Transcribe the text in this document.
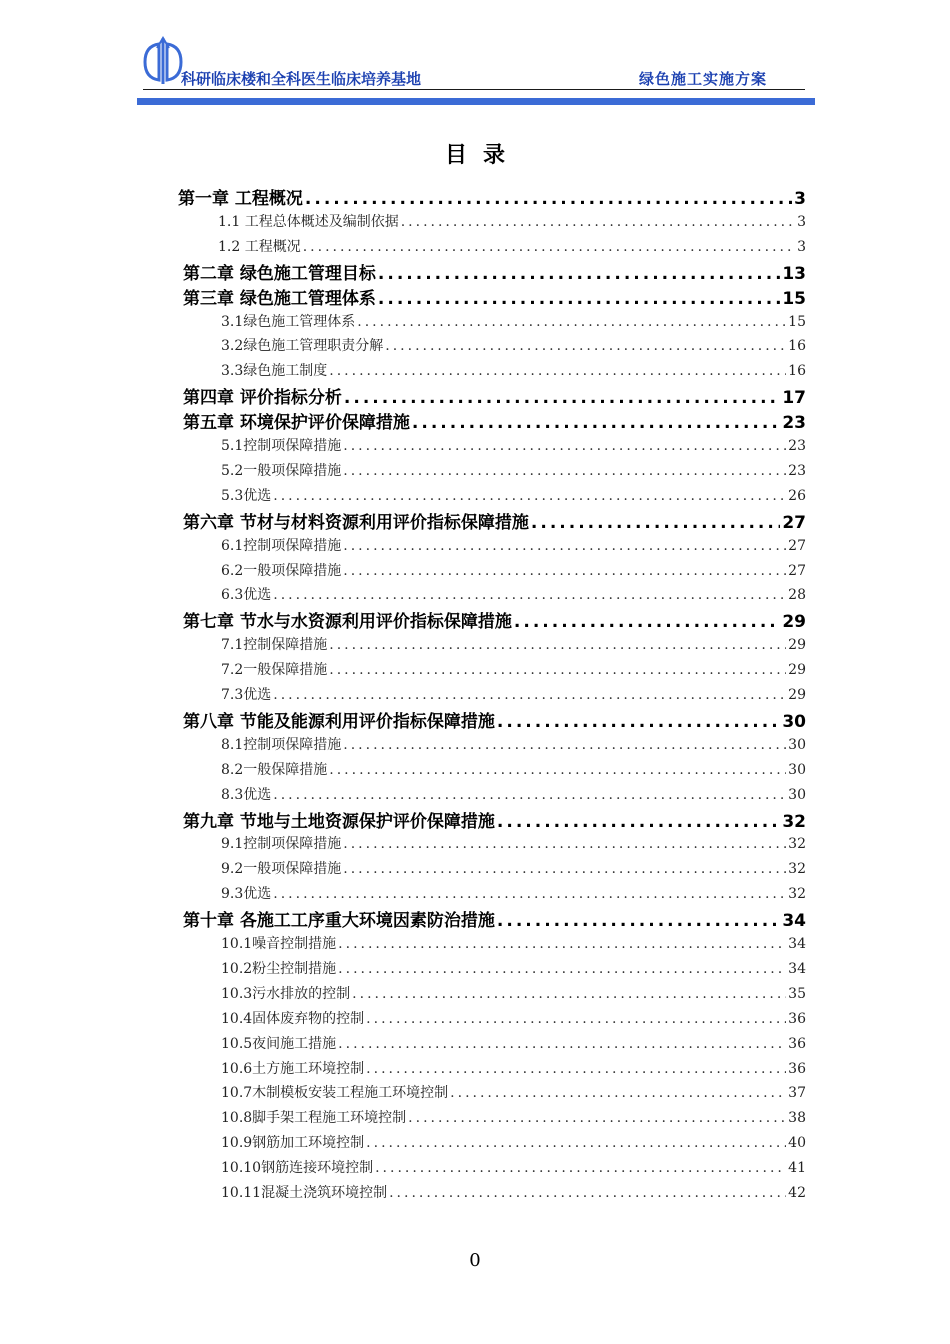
科研临床楼和全科医生临床培养基地	绿色施工实施方案
目录
第一章 工程概况 .....	3
1.1 工程总体概述及编制依据 .....	3
1.2 工程概况 .....	3
第二章 绿色施工管理目标 .....	13
第三章 绿色施工管理体系 .....	15
3.1绿色施工管理体系 .....	15
3.2绿色施工管理职责分解 .....	16
3.3绿色施工制度 .....	16
第四章 评价指标分析 .....	17
第五章 环境保护评价保障措施 .....	23
5.1控制项保障措施 .....	23
5.2一般项保障措施 .....	23
5.3优选 .....	26
第六章 节材与材料资源利用评价指标保障措施 .....	27
6.1控制项保障措施 .....	27
6.2一般项保障措施 .....	27
6.3优选 .....	28
第七章 节水与水资源利用评价指标保障措施 .....	29
7.1控制保障措施 .....	29
7.2一般保障措施 .....	29
7.3优选 .....	29
第八章 节能及能源利用评价指标保障措施 .....	30
8.1控制项保障措施 .....	30
8.2一般保障措施 .....	30
8.3优选 .....	30
第九章 节地与土地资源保护评价保障措施 .....	32
9.1控制项保障措施 .....	32
9.2一般项保障措施 .....	32
9.3优选 .....	32
第十章 各施工工序重大环境因素防治措施 .....	34
10.1噪音控制措施 .....	34
10.2粉尘控制措施 .....	34
10.3污水排放的控制 .....	35
10.4固体废弃物的控制 .....	36
10.5夜间施工措施 .....	36
10.6土方施工环境控制 .....	36
10.7木制模板安装工程施工环境控制 .....	37
10.8脚手架工程施工环境控制 .....	38
10.9钢筋加工环境控制 .....	40
10.10钢筋连接环境控制 .....	41
10.11混凝土浇筑环境控制 .....	42
0
